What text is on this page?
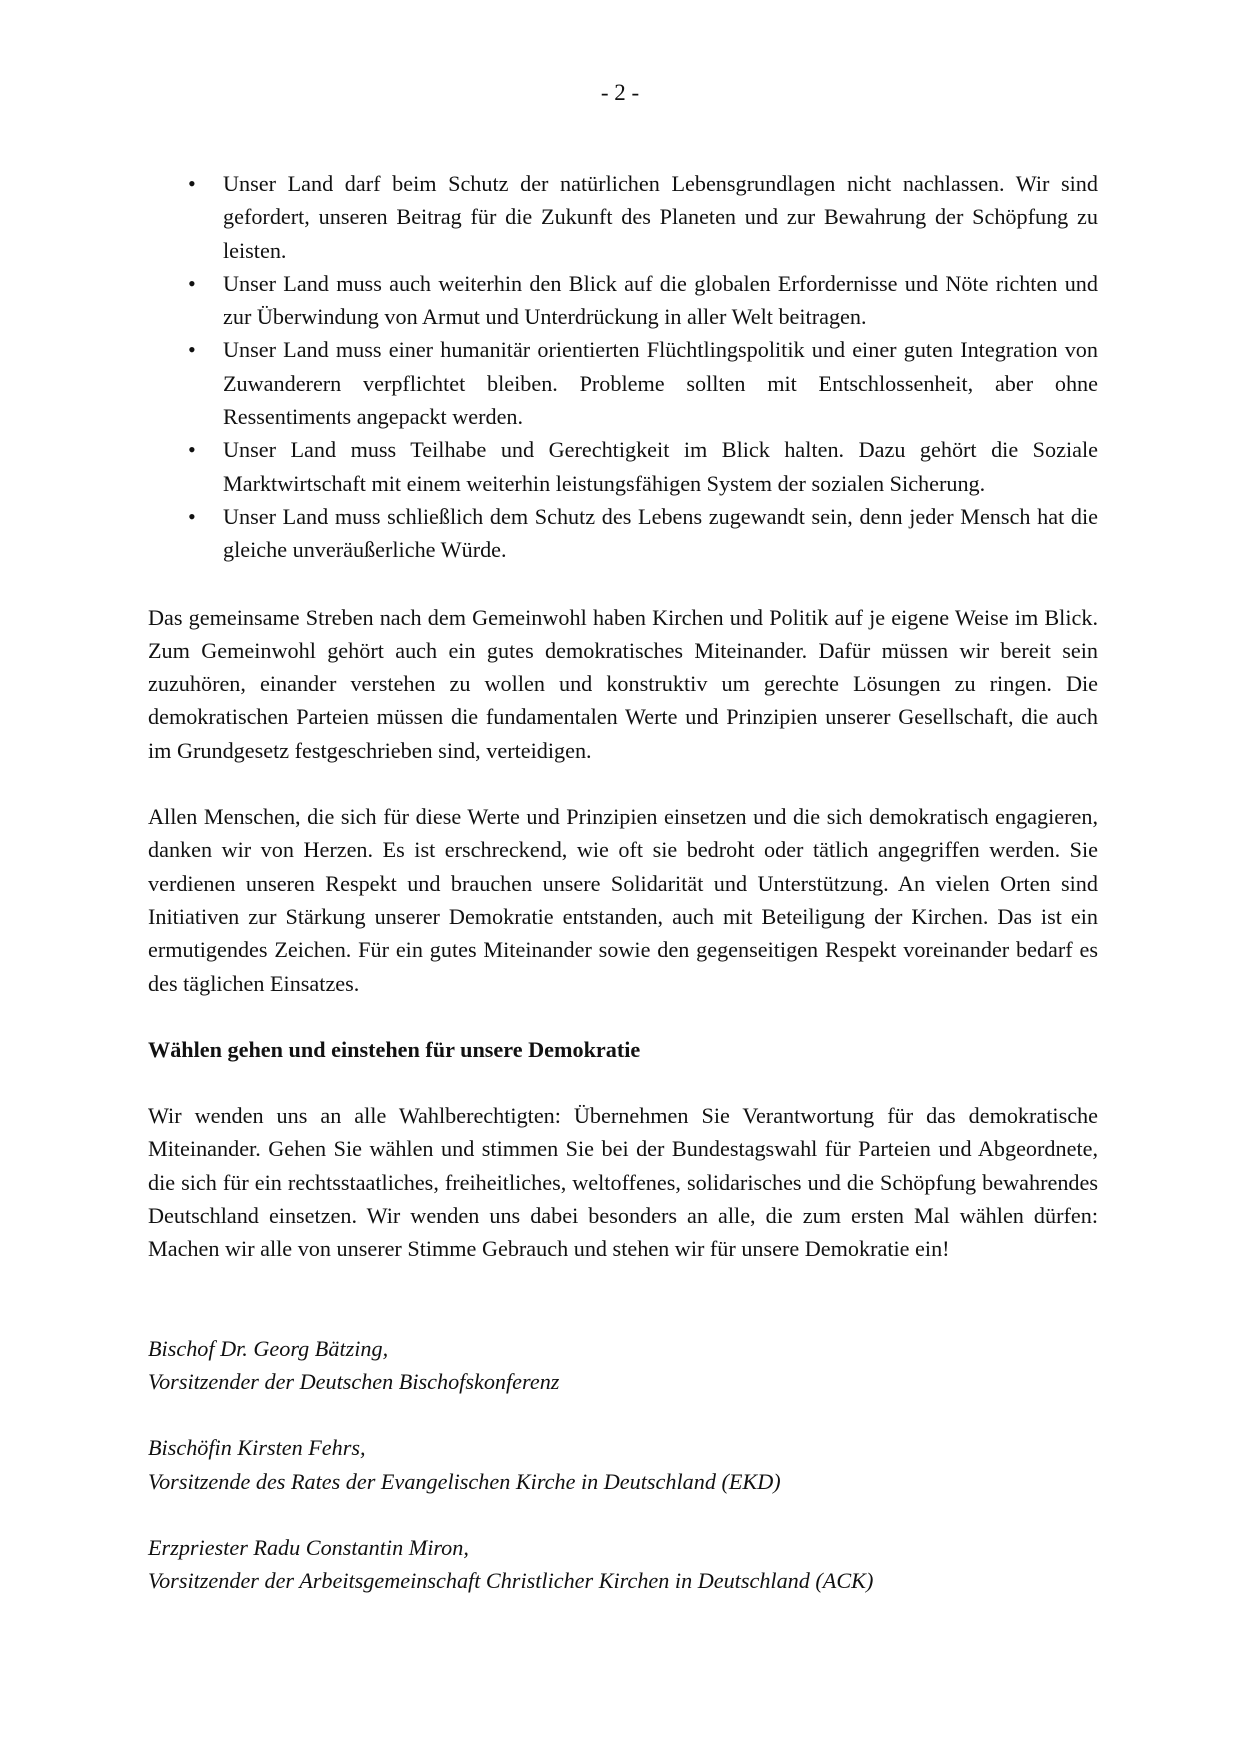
- 2 -
• Unser Land darf beim Schutz der natürlichen Lebensgrundlagen nicht nachlassen. Wir sind gefordert, unseren Beitrag für die Zukunft des Planeten und zur Bewahrung der Schöpfung zu leisten.
• Unser Land muss auch weiterhin den Blick auf die globalen Erfordernisse und Nöte richten und zur Überwindung von Armut und Unterdrückung in aller Welt beitragen.
• Unser Land muss einer humanitär orientierten Flüchtlingspolitik und einer guten Integration von Zuwanderern verpflichtet bleiben. Probleme sollten mit Entschlossenheit, aber ohne Ressentiments angepackt werden.
• Unser Land muss Teilhabe und Gerechtigkeit im Blick halten. Dazu gehört die Soziale Marktwirtschaft mit einem weiterhin leistungsfähigen System der sozialen Sicherung.
• Unser Land muss schließlich dem Schutz des Lebens zugewandt sein, denn jeder Mensch hat die gleiche unveräußerliche Würde.

Das gemeinsame Streben nach dem Gemeinwohl haben Kirchen und Politik auf je eigene Weise im Blick. Zum Gemeinwohl gehört auch ein gutes demokratisches Miteinander. Dafür müssen wir bereit sein zuzuhören, einander verstehen zu wollen und konstruktiv um gerechte Lösungen zu ringen. Die demokratischen Parteien müssen die fundamentalen Werte und Prinzipien unserer Gesellschaft, die auch im Grundgesetz festgeschrieben sind, verteidigen.

Allen Menschen, die sich für diese Werte und Prinzipien einsetzen und die sich demokratisch engagieren, danken wir von Herzen. Es ist erschreckend, wie oft sie bedroht oder tätlich angegriffen werden. Sie verdienen unseren Respekt und brauchen unsere Solidarität und Unterstützung. An vielen Orten sind Initiativen zur Stärkung unserer Demokratie entstanden, auch mit Beteiligung der Kirchen. Das ist ein ermutigendes Zeichen. Für ein gutes Miteinander sowie den gegenseitigen Respekt voreinander bedarf es des täglichen Einsatzes.

Wählen gehen und einstehen für unsere Demokratie

Wir wenden uns an alle Wahlberechtigten: Übernehmen Sie Verantwortung für das demokratische Miteinander. Gehen Sie wählen und stimmen Sie bei der Bundestagswahl für Parteien und Abgeordnete, die sich für ein rechtsstaatliches, freiheitliches, weltoffenes, solidarisches und die Schöpfung bewahrendes Deutschland einsetzen. Wir wenden uns dabei besonders an alle, die zum ersten Mal wählen dürfen: Machen wir alle von unserer Stimme Gebrauch und stehen wir für unsere Demokratie ein!

Bischof Dr. Georg Bätzing,
Vorsitzender der Deutschen Bischofskonferenz
Bischöfin Kirsten Fehrs,
Vorsitzende des Rates der Evangelischen Kirche in Deutschland (EKD)
Erzpriester Radu Constantin Miron,
Vorsitzender der Arbeitsgemeinschaft Christlicher Kirchen in Deutschland (ACK)
